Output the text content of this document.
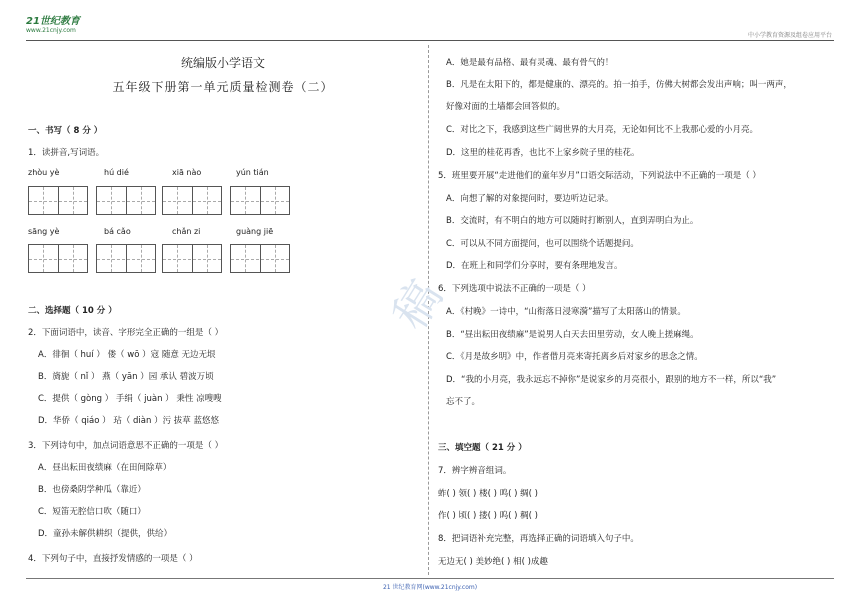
21世纪教育
www.21cnjy.com
中小学教育资源及组卷应用平台
稿
统编版小学语文
五年级下册第一单元质量检测卷（二）
一、书写（ 8 分 ）
1．读拼音,写词语。
zhòu yè	hú dié	xiā nào	yún tián
sāng yè	bá cǎo	chǎn zi	guàng jiē
二、选择题（ 10 分 ）
2．下面词语中，读音、字形完全正确的一组是（ ）
A．徘徊（ huí ） 偻（ wō ）寇 随意 无边无垠
B．旖旎（ nǐ ） 燕（ yān ）园 承认 碧波万顷
C．提供（ gòng ） 手绢（ juàn ） 秉性 凉嗖嗖
D．华侨（ qiáo ） 玷（ diàn ）污 拔草 蓝悠悠
3．下列诗句中，加点词语意思不正确的一项是（ ）
A．昼出耘田夜绩麻（在田间除草）
B．也傍桑阴学种瓜（靠近）
C．短笛无腔信口吹（随口）
D．童孙未解供耕织（提供，供给）
4．下列句子中，直接抒发情感的一项是（ ）
A．她是最有品格、最有灵魂、最有骨气的！
B．凡是在太阳下的，都是健康的、漂亮的。拍一拍手，仿佛大树都会发出声响；叫一两声，
好像对面的土墙都会回答似的。
C．对比之下，我感到这些广阔世界的大月亮，无论如何比不上我那心爱的小月亮。
D．这里的桂花再香，也比不上家乡院子里的桂花。
5．班里要开展“走进他们的童年岁月”口语交际活动，下列说法中不正确的一项是（ ）
A．向想了解的对象提问时，要边听边记录。
B．交流时，有不明白的地方可以随时打断别人，直到弄明白为止。
C．可以从不同方面提问，也可以围绕个话题提问。
D．在班上和同学们分享时，要有条理地发言。
6．下列选项中说法不正确的一项是（ ）
A．《村晚》一诗中，“山衔落日浸寒漪”描写了太阳落山的情景。
B．“昼出耘田夜绩麻”是说男人白天去田里劳动，女人晚上搓麻绳。
C．《月是故乡明》中，作者借月亮来寄托离乡后对家乡的思念之情。
D．“我的小月亮，我永远忘不掉你”是说家乡的月亮很小，跟别的地方不一样，所以“我”
忘不了。
三、填空题（ 21 分 ）
7．辨字辨音组词。
蚱( ) 领( ) 楼( ) 鸣( ) 绸( )
作( ) 顷( ) 搂( ) 呜( ) 稠( )
8．把词语补充完整，再选择正确的词语填入句子中。
无边无( ) 美妙绝( ) 相( )成趣
21 世纪教育网(www.21cnjy.com)
